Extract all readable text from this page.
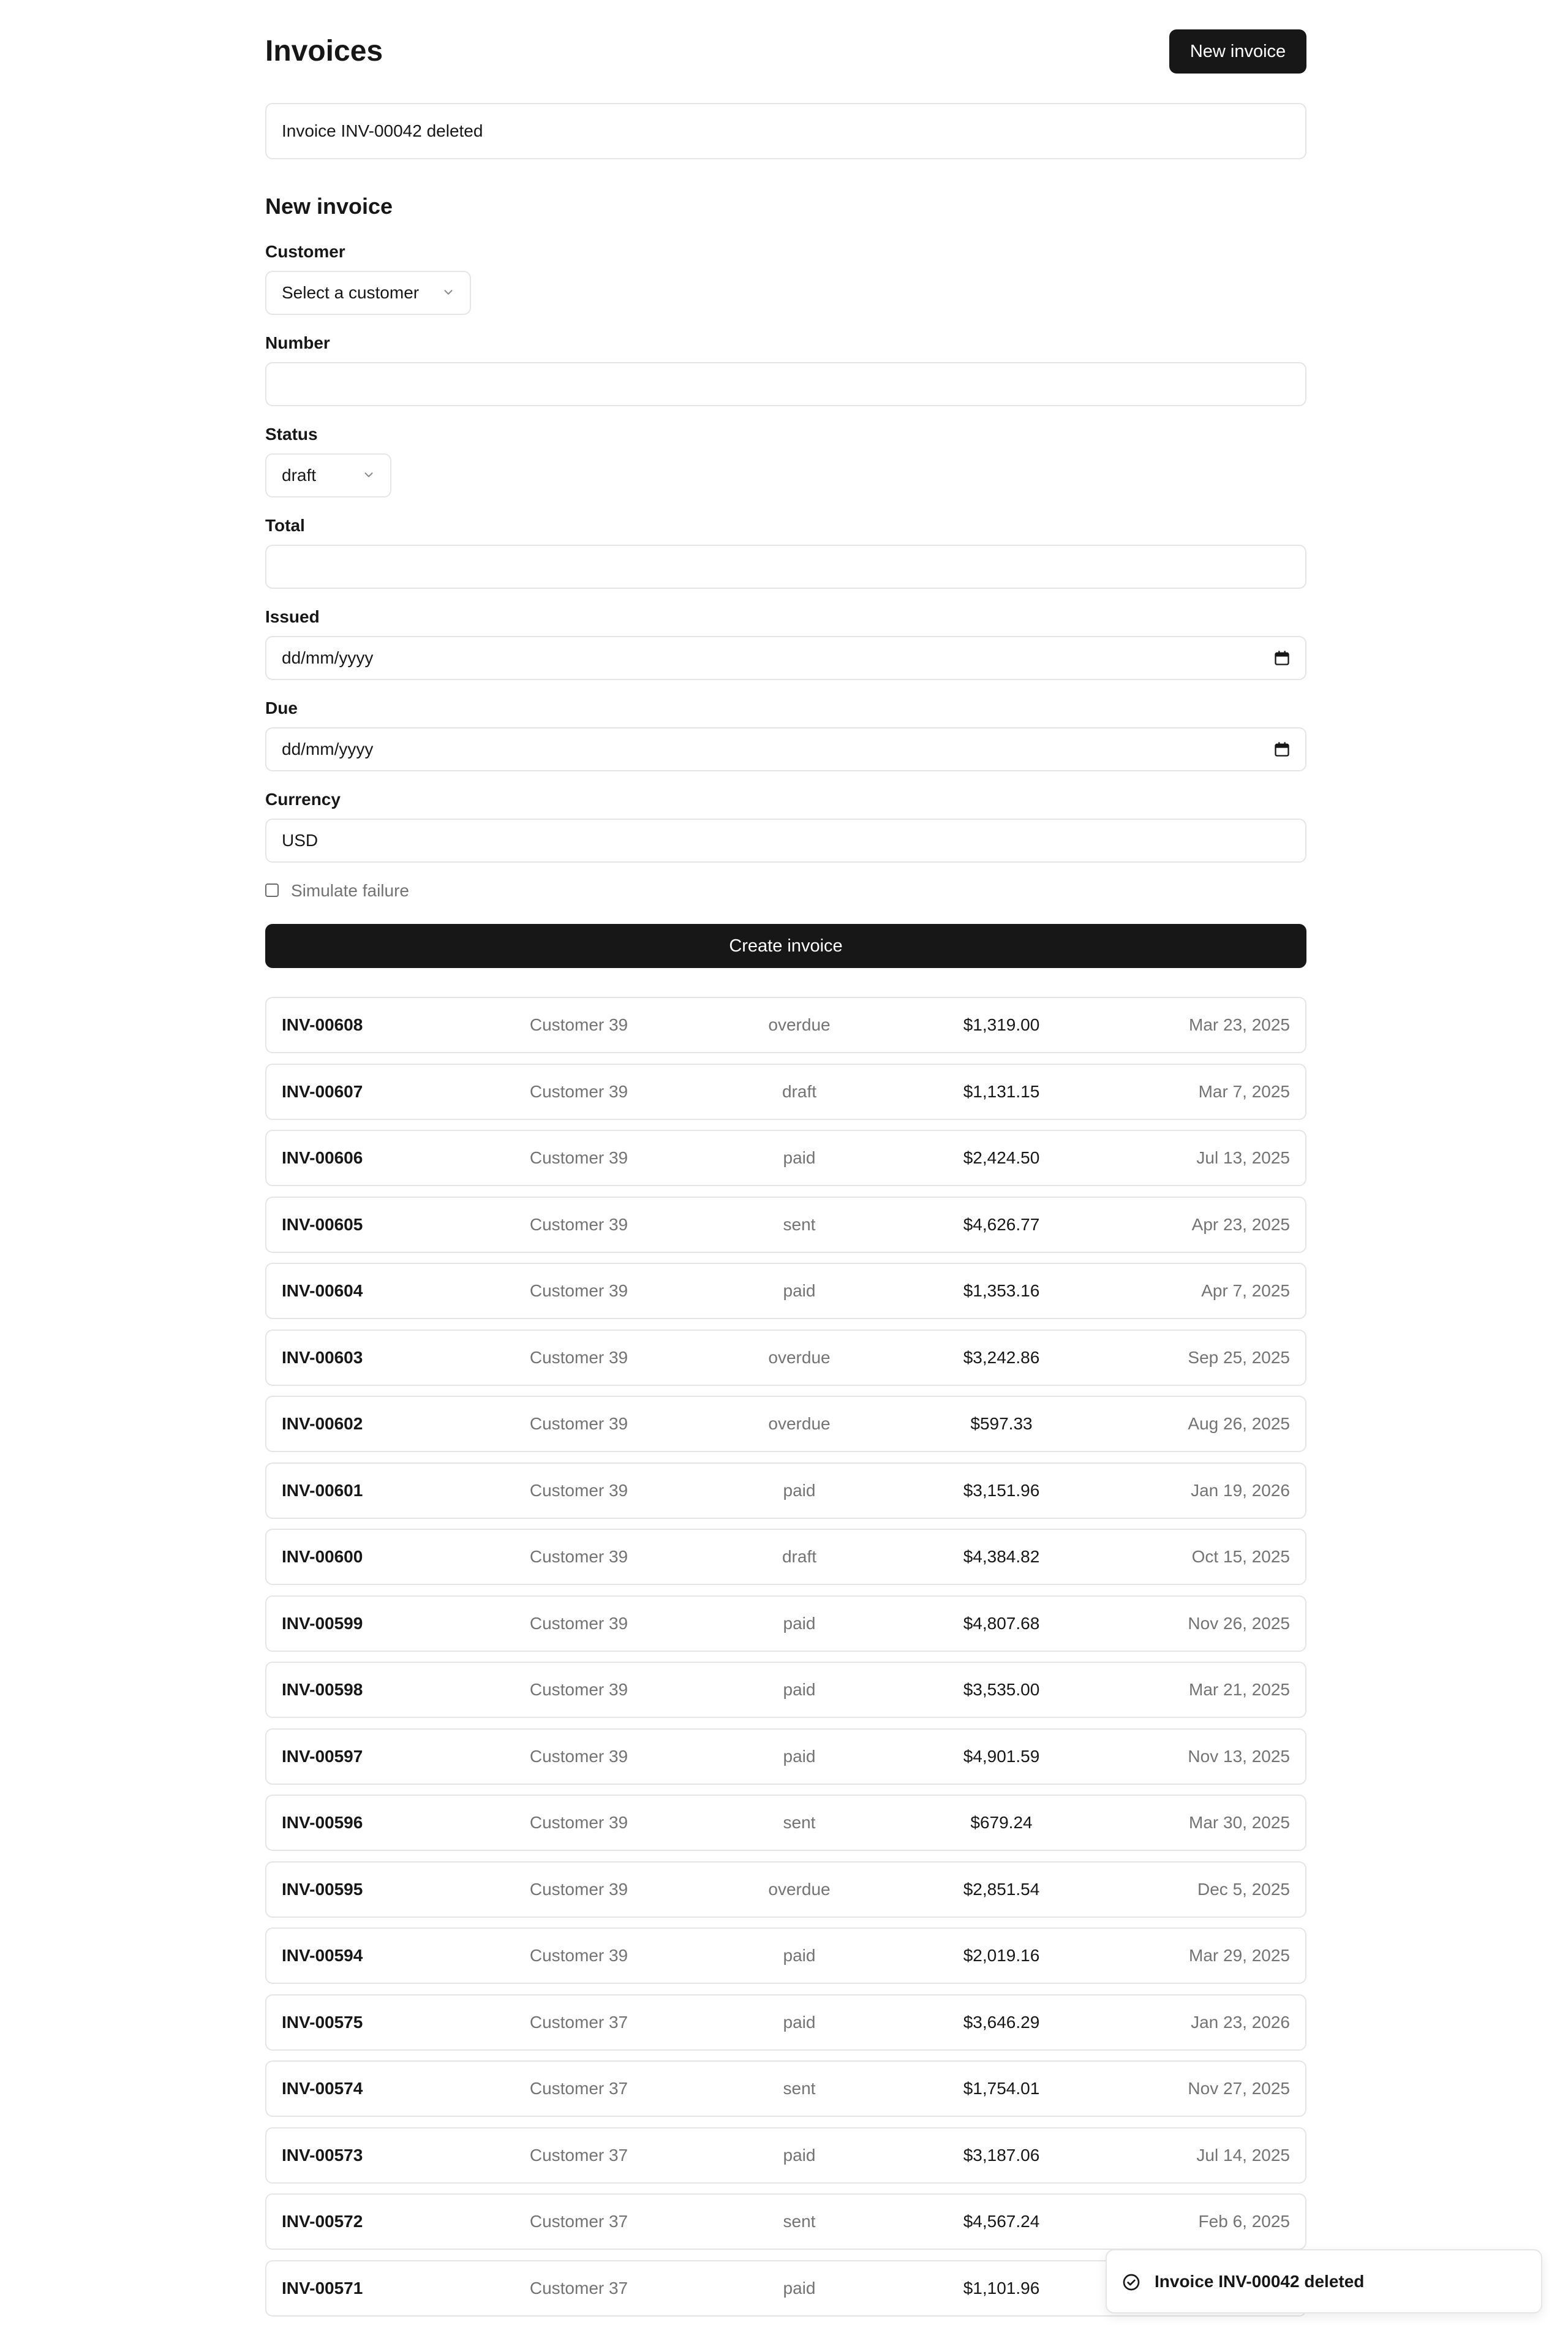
Invoices	New invoice
Invoice INV-00042 deleted
New invoice
Customer
Select a customer
Number
Status
draft
Total
Issued
dd/mm/yyyy
Due
dd/mm/yyyy
Currency
USD
Simulate failure
Create invoice
INV-00608	Customer 39	overdue	$1,319.00	Mar 23, 2025
INV-00607	Customer 39	draft	$1,131.15	Mar 7, 2025
INV-00606	Customer 39	paid	$2,424.50	Jul 13, 2025
INV-00605	Customer 39	sent	$4,626.77	Apr 23, 2025
INV-00604	Customer 39	paid	$1,353.16	Apr 7, 2025
INV-00603	Customer 39	overdue	$3,242.86	Sep 25, 2025
INV-00602	Customer 39	overdue	$597.33	Aug 26, 2025
INV-00601	Customer 39	paid	$3,151.96	Jan 19, 2026
INV-00600	Customer 39	draft	$4,384.82	Oct 15, 2025
INV-00599	Customer 39	paid	$4,807.68	Nov 26, 2025
INV-00598	Customer 39	paid	$3,535.00	Mar 21, 2025
INV-00597	Customer 39	paid	$4,901.59	Nov 13, 2025
INV-00596	Customer 39	sent	$679.24	Mar 30, 2025
INV-00595	Customer 39	overdue	$2,851.54	Dec 5, 2025
INV-00594	Customer 39	paid	$2,019.16	Mar 29, 2025
INV-00575	Customer 37	paid	$3,646.29	Jan 23, 2026
INV-00574	Customer 37	sent	$1,754.01	Nov 27, 2025
INV-00573	Customer 37	paid	$3,187.06	Jul 14, 2025
INV-00572	Customer 37	sent	$4,567.24	Feb 6, 2025
INV-00571	Customer 37	paid	$1,101.96	Invoice INV-00042 deleted
